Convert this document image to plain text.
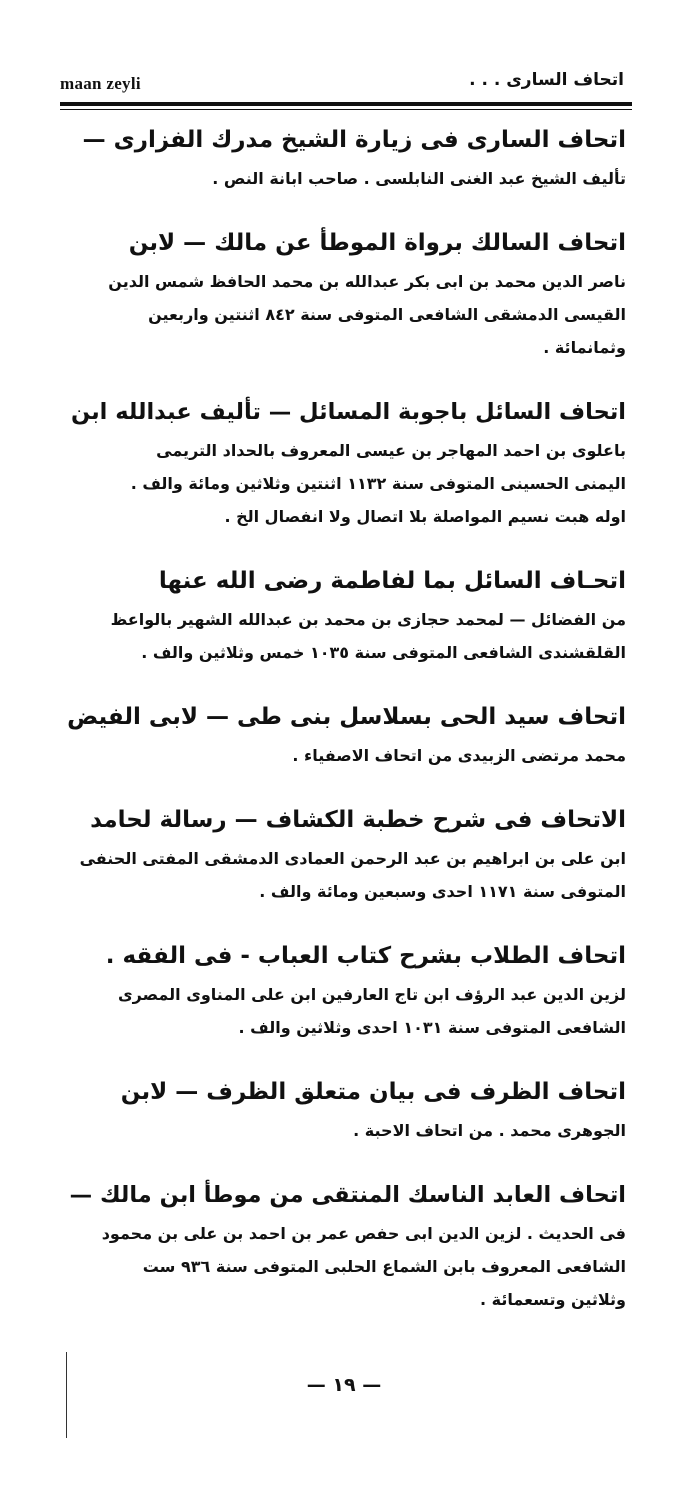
maan zeyli	اتحاف السارى . . .

اتحاف السارى فى زيارة الشيخ مدرك الفزارى —

تأليف الشيخ عبد الغنى النابلسى . صاحب ابانة النص .

اتحاف السالك برواة الموطأ عن مالك — لابن

ناصر الدين محمد بن ابى بكر عبدالله بن محمد الحافظ شمس الدين

القيسى الدمشقى الشافعى المتوفى سنة ٨٤٢ اثنتين واربعين

وثمانمائة .

اتحاف السائل باجوبة المسائل — تأليف عبدالله ابن

باعلوى بن احمد المهاجر بن عيسى المعروف بالحداد التريمى

اليمنى الحسينى المتوفى سنة ١١٣٢ اثنتين وثلاثين ومائة والف .

اوله هبت نسيم المواصلة بلا اتصال ولا انفصال الخ .

اتحـاف السائل بما لفاطمة رضى الله عنها

من الفضائل — لمحمد حجازى بن محمد بن عبدالله الشهير بالواعظ

القلقشندى الشافعى المتوفى سنة ١٠٣٥ خمس وثلاثين والف .

اتحاف سيد الحى بسلاسل بنى طى — لابى الفيض

محمد مرتضى الزبيدى من اتحاف الاصفياء .

الاتحاف فى شرح خطبة الكشاف — رسالة لحامد

ابن على بن ابراهيم بن عبد الرحمن العمادى الدمشقى المفتى الحنفى

المتوفى سنة ١١٧١ احدى وسبعين ومائة والف .

اتحاف الطلاب بشرح كتاب العباب - فى الفقه .

لزين الدين عبد الرؤف ابن تاج العارفين ابن على المناوى المصرى

الشافعى المتوفى سنة ١٠٣١ احدى وثلاثين والف .

اتحاف الظرف فى بيان متعلق الظرف — لابن

الجوهرى محمد . من اتحاف الاحبة .

اتحاف العابد الناسك المنتقى من موطأ ابن مالك —

فى الحديث . لزين الدين ابى حفص عمر بن احمد بن على بن محمود

الشافعى المعروف بابن الشماع الحلبى المتوفى سنة ٩٣٦ ست

وثلاثين وتسعمائة .

— ١٩ —
